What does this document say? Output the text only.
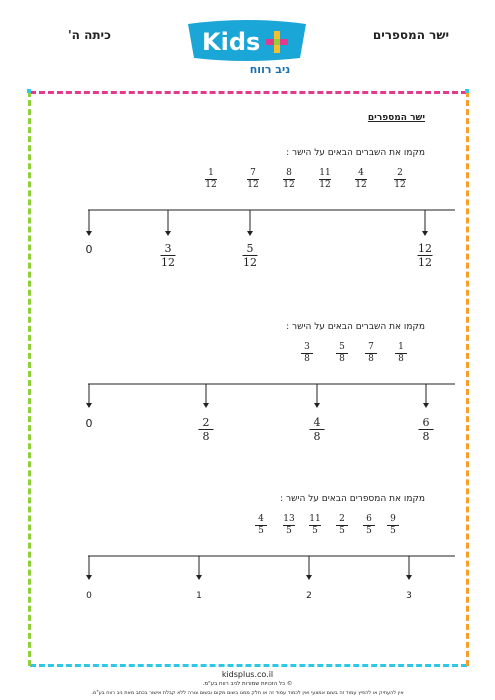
ישר המספרים
כיתה ה'	Kids
ניב רווח
ישר המספרים
מקמו את השברים הבאים על הישר :
1
12
7
12
8
12
11
12
4
12
2
12
0	3
12
5
12
12
12
מקמו את השברים הבאים על הישר :
3
8
5
8
7
8
1
8
0	2
8
4
8
6
8
מקמו את המספרים הבאים על הישר :
4
5
13
5
11
5
2
5
6
5
9
5
0	1	2	3
kidsplus.co.il
© כל הזכויות שמורות לניב רווח בע"מ.
אין להעתיק או להפיץ עמוד זה בשום אמצעי ואין לכמוד עמוד זה או חלק ממנו בשום מקום ובשום צורה ללא קבלת אישור בכתב מאת ניב רווח בע"מ.
